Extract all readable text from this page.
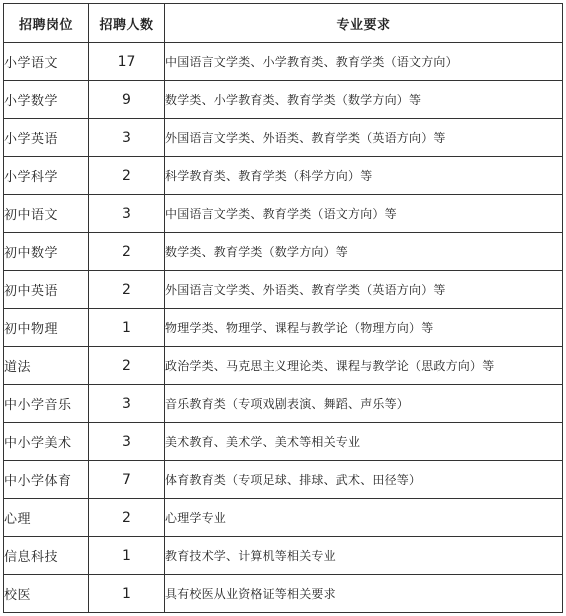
招聘岗位	招聘人数	专业要求
小学语文	17	中国语言文学类、小学教育类、教育学类（语文方向）
小学数学	9	数学类、小学教育类、教育学类（数学方向）等
小学英语	3	外国语言文学类、外语类、教育学类（英语方向）等
小学科学	2	科学教育类、教育学类（科学方向）等
初中语文	3	中国语言文学类、教育学类（语文方向）等
初中数学	2	数学类、教育学类（数学方向）等
初中英语	2	外国语言文学类、外语类、教育学类（英语方向）等
初中物理	1	物理学类、物理学、课程与教学论（物理方向）等
道法	2	政治学类、马克思主义理论类、课程与教学论（思政方向）等
中小学音乐	3	音乐教育类（专项戏剧表演、舞蹈、声乐等）
中小学美术	3	美术教育、美术学、美术等相关专业
中小学体育	7	体育教育类（专项足球、排球、武术、田径等）
心理	2	心理学专业
信息科技	1	教育技术学、计算机等相关专业
校医	1	具有校医从业资格证等相关要求
